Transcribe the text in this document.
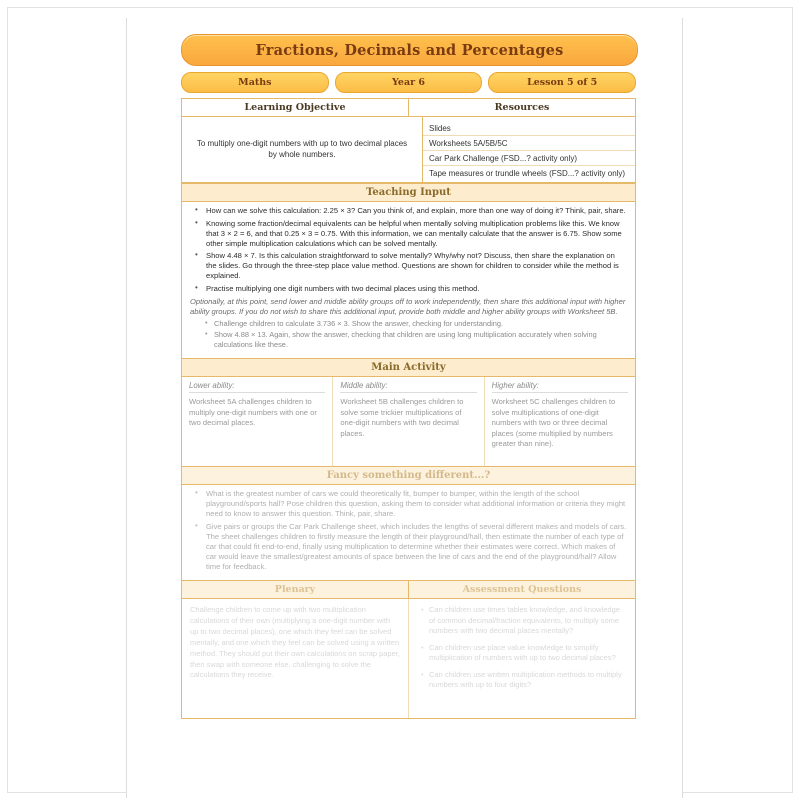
Fractions, Decimals and Percentages
Maths	Year 6	Lesson 5 of 5
Learning Objective	Resources
To multiply one-digit numbers with up to two decimal places by whole numbers.
Slides
Worksheets 5A/5B/5C
Car Park Challenge (FSD...? activity only)
Tape measures or trundle wheels (FSD...? activity only)
Teaching Input
• How can we solve this calculation: 2.25 × 3? Can you think of, and explain, more than one way of doing it? Think, pair, share.
• Knowing some fraction/decimal equivalents can be helpful when mentally solving multiplication problems like this. We know that 3 × 2 = 6, and that 0.25 × 3 = 0.75. With this information, we can mentally calculate that the answer is 6.75. Show some other simple multiplication calculations which can be solved mentally.
• Show 4.48 × 7. Is this calculation straightforward to solve mentally? Why/why not? Discuss, then share the explanation on the slides. Go through the three-step place value method. Questions are shown for children to consider while the method is explained.
• Practise multiplying one digit numbers with two decimal places using this method.
Optionally, at this point, send lower and middle ability groups off to work independently, then share this additional input with higher ability groups. If you do not wish to share this additional input, provide both middle and higher ability groups with Worksheet 5B.
• Challenge children to calculate 3.736 × 3. Show the answer, checking for understanding.
• Show 4.88 × 13. Again, show the answer, checking that children are using long multiplication accurately when solving calculations like these.
Main Activity
Lower ability:
Worksheet 5A challenges children to multiply one-digit numbers with one or two decimal places.
Middle ability:
Worksheet 5B challenges children to solve some trickier multiplications of one-digit numbers with two decimal places.
Higher ability:
Worksheet 5C challenges children to solve multiplications of one-digit numbers with two or three decimal places (some multiplied by numbers greater than nine).
Fancy something different...?
• What is the greatest number of cars we could theoretically fit, bumper to bumper, within the length of the school playground/sports hall? Pose children this question, asking them to consider what additional information or criteria they might need to know to answer this question. Think, pair, share.
• Give pairs or groups the Car Park Challenge sheet, which includes the lengths of several different makes and models of cars. The sheet challenges children to firstly measure the length of their playground/hall, then estimate the number of each type of car that could fit end-to-end, finally using multiplication to determine whether their estimates were correct. Which makes of car would leave the smallest/greatest amounts of space between the line of cars and the end of the playground/hall? Allow time for feedback.
Plenary	Assessment Questions
Challenge children to come up with two multiplication calculations of their own (multiplying a one-digit number with up to two decimal places), one which they feel can be solved mentally, and one which they feel can be solved using a written method. They should put their own calculations on scrap paper, then swap with someone else, challenging to solve the calculations they receive.
• Can children use times tables knowledge, and knowledge of common decimal/fraction equivalents, to multiply some numbers with two decimal places mentally?
• Can children use place value knowledge to simplify multiplication of numbers with up to two decimal places?
• Can children use written multiplication methods to multiply numbers with up to four digits?
